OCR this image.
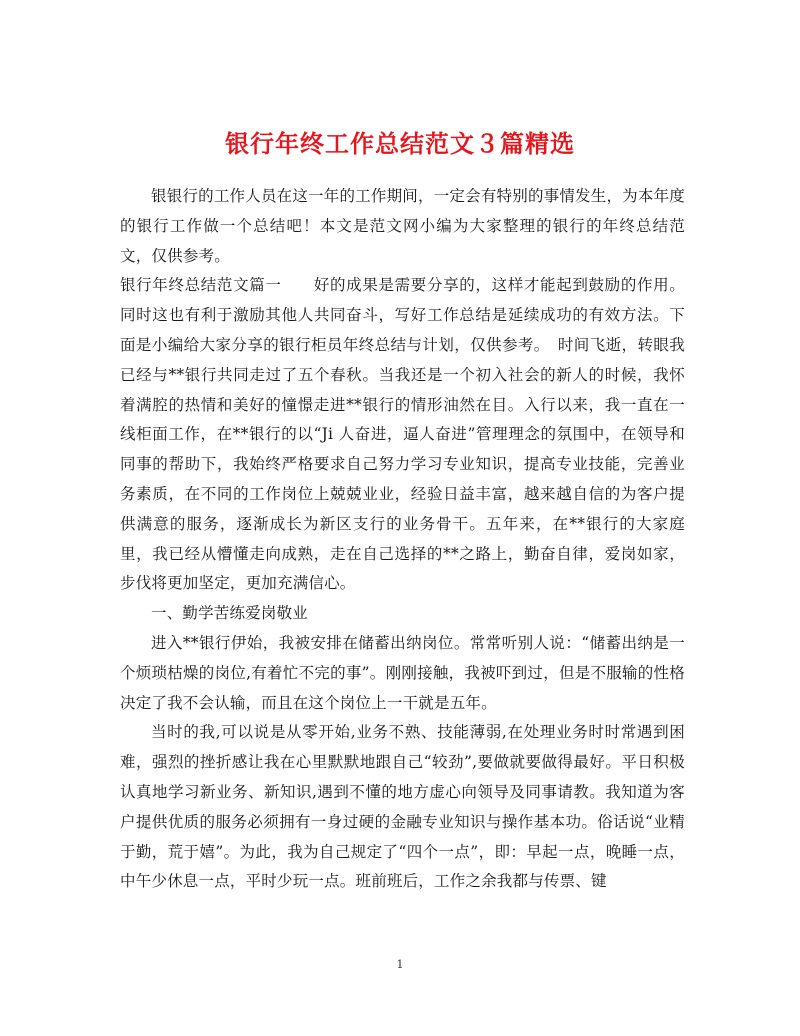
银行年终工作总结范文３篇精选

银银行的工作人员在这一年的工作期间，一定会有特别的事情发生，为本年度的银行工作做一个总结吧！本文是范文网小编为大家整理的银行的年终总结范文，仅供参考。

银行年终总结范文篇一　　好的成果是需要分享的，这样才能起到鼓励的作用。同时这也有利于激励其他人共同奋斗，写好工作总结是延续成功的有效方法。下面是小编给大家分享的银行柜员年终总结与计划，仅供参考。　时间飞逝，转眼我已经与**银行共同走过了五个春秋。当我还是一个初入社会的新人的时候，我怀着满腔的热情和美好的憧憬走进**银行的情形油然在目。入行以来，我一直在一线柜面工作，在**银行的以“Ji 人奋进，逼人奋进”管理理念的氛围中，在领导和同事的帮助下，我始终严格要求自己努力学习专业知识，提高专业技能，完善业务素质，在不同的工作岗位上兢兢业业，经验日益丰富，越来越自信的为客户提供满意的服务，逐渐成长为新区支行的业务骨干。五年来，在**银行的大家庭里，我已经从懵懂走向成熟，走在自己选择的**之路上，勤奋自律，爱岗如家，步伐将更加坚定，更加充满信心。

一、勤学苦练爱岗敬业

进入**银行伊始，我被安排在储蓄出纳岗位。常常听别人说：“储蓄出纳是一个烦琐枯燥的岗位,有着忙不完的事”。刚刚接触，我被吓到过，但是不服输的性格决定了我不会认输，而且在这个岗位上一干就是五年。

当时的我,可以说是从零开始,业务不熟、技能薄弱,在处理业务时时常遇到困难，强烈的挫折感让我在心里默默地跟自己“较劲”,要做就要做得最好。平日积极认真地学习新业务、新知识,遇到不懂的地方虚心向领导及同事请教。我知道为客户提供优质的服务必须拥有一身过硬的金融专业知识与操作基本功。俗话说“业精于勤，荒于嬉”。为此，我为自己规定了“四个一点”，即：早起一点，晚睡一点，中午少休息一点，平时少玩一点。班前班后，工作之余我都与传票、键

1
